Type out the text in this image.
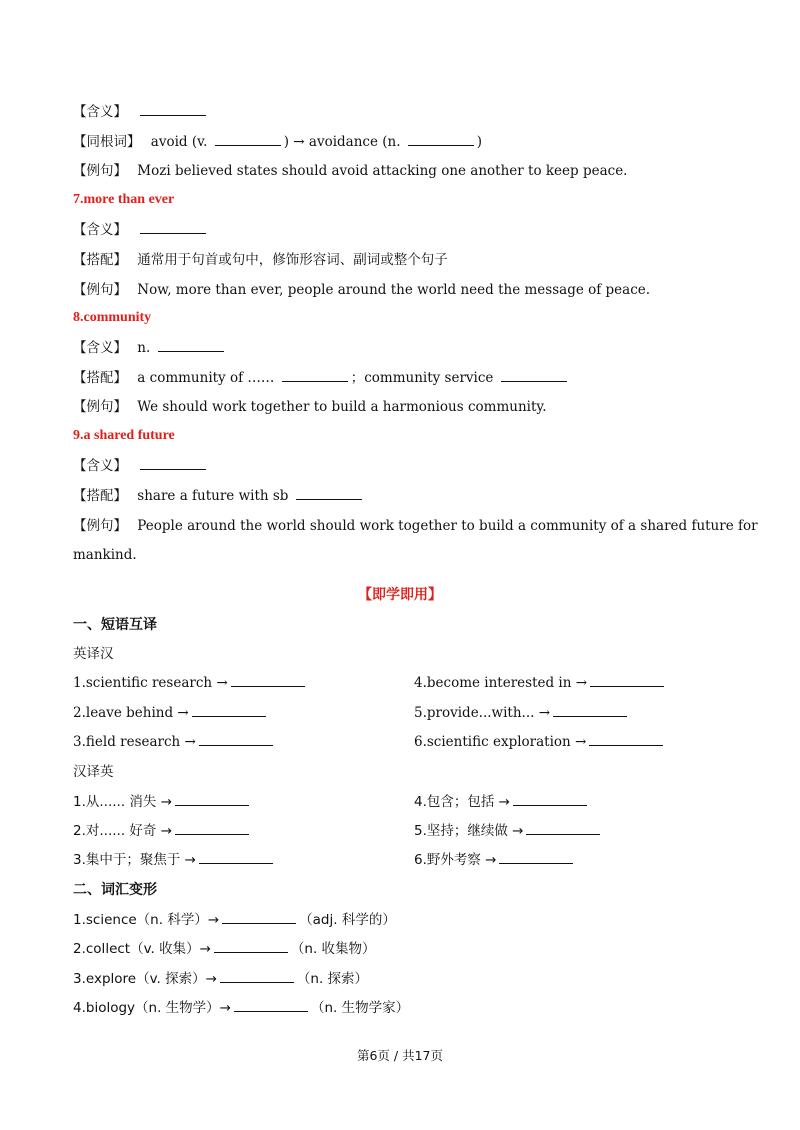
【含义】
【同根词】 avoid (v.	) → avoidance (n.	)
【例句】 Mozi believed states should avoid attacking one another to keep peace.
7.more than ever
【含义】
【搭配】 通常用于句首或句中，修饰形容词、副词或整个句子
【例句】 Now, more than ever, people around the world need the message of peace.
8.community
【含义】 n.
【搭配】 a community of ……	；community service
【例句】 We should work together to build a harmonious community.
9.a shared future
【含义】
【搭配】 share a future with sb
【例句】 People around the world should work together to build a community of a shared future for
mankind.
【即学即用】
一、短语互译
英译汉
1.scientific research →	4.become interested in →
2.leave behind →	5.provide...with... →
3.field research →	6.scientific exploration →
汉译英
1.从...... 消失 →	4.包含；包括 →
2.对...... 好奇 →	5.坚持；继续做 →
3.集中于；聚焦于 →	6.野外考察 →
二、词汇变形
1.science（n. 科学）→	（adj. 科学的）
2.collect（v. 收集）→	（n. 收集物）
3.explore（v. 探索）→	（n. 探索）
4.biology（n. 生物学）→	（n. 生物学家）
第6页 / 共17页
